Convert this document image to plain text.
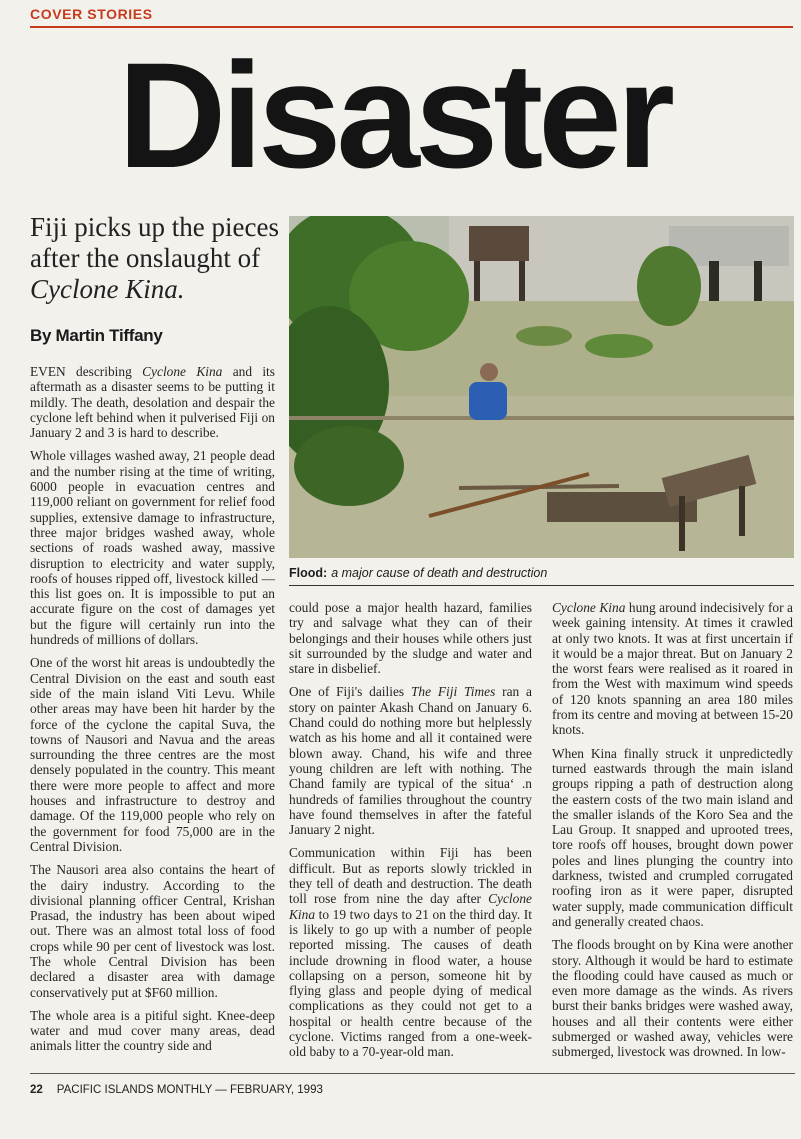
COVER STORIES
Disaster
Fiji picks up the pieces after the onslaught of Cyclone Kina.
By Martin Tiffany

EVEN describing Cyclone Kina and its aftermath as a disaster seems to be putting it mildly. The death, desolation and despair the cyclone left behind when it pulverised Fiji on January 2 and 3 is hard to describe.

Whole villages washed away, 21 people dead and the number rising at the time of writing, 6000 people in evacuation centres and 119,000 reliant on government for relief food supplies, extensive damage to infrastructure, three major bridges washed away, whole sections of roads washed away, massive disruption to electricity and water supply, roofs of houses ripped off, livestock killed — this list goes on. It is impossible to put an accurate figure on the cost of damages yet but the figure will certainly run into the hundreds of millions of dollars.

One of the worst hit areas is undoubtedly the Central Division on the east and south east side of the main island Viti Levu. While other areas may have been hit harder by the force of the cyclone the capital Suva, the towns of Nausori and Navua and the areas surrounding the three centres are the most densely populated in the country. This meant there were more people to affect and more houses and infrastructure to destroy and damage. Of the 119,000 people who rely on the government for food 75,000 are in the Central Division.

The Nausori area also contains the heart of the dairy industry. According to the divisional planning officer Central, Krishan Prasad, the industry has been about wiped out. There was an almost total loss of food crops while 90 per cent of livestock was lost. The whole Central Division has been declared a disaster area with damage conservatively put at $F60 million.

The whole area is a pitiful sight. Knee-deep water and mud cover many areas, dead animals litter the country side and

Flood: a major cause of death and destruction

could pose a major health hazard, families try and salvage what they can of their belongings and their houses while others just sit surrounded by the sludge and water and stare in disbelief.

One of Fiji's dailies The Fiji Times ran a story on painter Akash Chand on January 6. Chand could do nothing more but helplessly watch as his home and all it contained were blown away. Chand, his wife and three young children are left with nothing. The Chand family are typical of the situa‘ .n hundreds of families throughout the country have found themselves in after the fateful January 2 night.

Communication within Fiji has been difficult. But as reports slowly trickled in they tell of death and destruction. The death toll rose from nine the day after Cyclone Kina to 19 two days to 21 on the third day. It is likely to go up with a number of people reported missing. The causes of death include drowning in flood water, a house collapsing on a person, someone hit by flying glass and people dying of medical complications as they could not get to a hospital or health centre because of the cyclone. Victims ranged from a one-week-old baby to a 70-year-old man.

Cyclone Kina hung around indecisively for a week gaining intensity. At times it crawled at only two knots. It was at first uncertain if it would be a major threat. But on January 2 the worst fears were realised as it roared in from the West with maximum wind speeds of 120 knots spanning an area 180 miles from its centre and moving at between 15-20 knots.

When Kina finally struck it unpredictedly turned eastwards through the main island groups ripping a path of destruction along the eastern costs of the two main island and the smaller islands of the Koro Sea and the Lau Group. It snapped and uprooted trees, tore roofs off houses, brought down power poles and lines plunging the country into darkness, twisted and crumpled corrugated roofing iron as it were paper, disrupted water supply, made communication difficult and generally created chaos.

The floods brought on by Kina were another story. Although it would be hard to estimate the flooding could have caused as much or even more damage as the winds. As rivers burst their banks bridges were washed away, houses and all their contents were either submerged or washed away, vehicles were submerged, livestock was drowned. In low-

22 PACIFIC ISLANDS MONTHLY — FEBRUARY, 1993
